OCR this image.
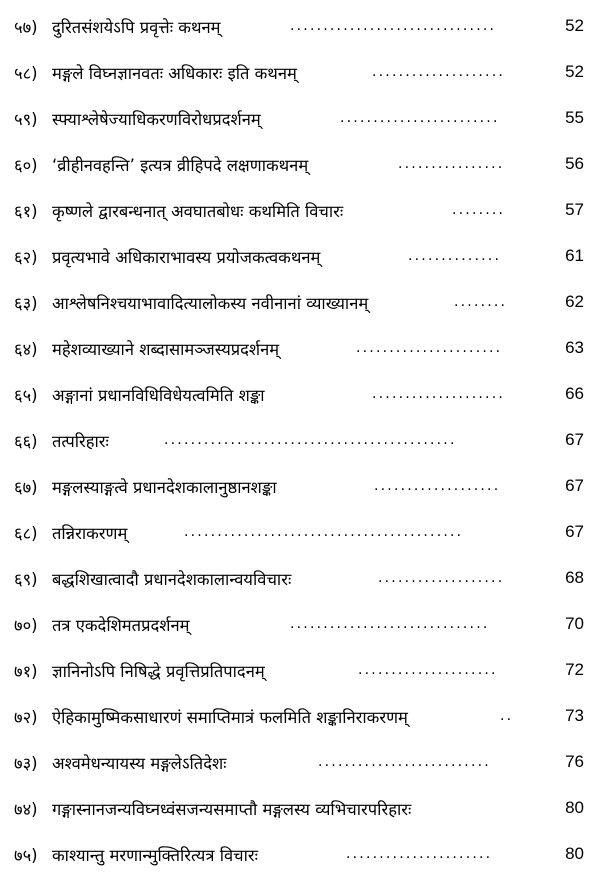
५७) दुरितसंशयेऽपि प्रवृत्तेः कथनम्	...............................	52
५८) मङ्गले विघ्नज्ञानवतः अधिकारः इति कथनम्	....................	52
५९) स्फ्याश्लेषेज्याधिकरणविरोधप्रदर्शनम्	........................	55
६०) ‘व्रीहीनवहन्ति’ इत्यत्र व्रीहिपदे लक्षणाकथनम्	................	56
६१) कृष्णले द्वारबन्धनात् अवघातबोधः कथमिति विचारः	........	57
६२) प्रवृत्यभावे अधिकाराभावस्य प्रयोजकत्वकथनम्	..............	61
६३) आश्लेषनिश्चयाभावादित्यालोकस्य नवीनानां व्याख्यानम्	........	62
६४) महेशव्याख्याने शब्दासामञ्जस्यप्रदर्शनम्	......................	63
६५) अङ्गानां प्रधानविधिविधेयत्वमिति शङ्का	....................	66
६६) तत्परिहारः	............................................	67
६७) मङ्गलस्याङ्गत्वे प्रधानदेशकालानुष्ठानशङ्का	...................	67
६८) तन्निराकरणम्	..........................................	67
६९) बद्धशिखात्वादौ प्रधानदेशकालान्वयविचारः	...................	68
७०) तत्र एकदेशिमतप्रदर्शनम्	..............................	70
७१) ज्ञानिनोऽपि निषिद्धे प्रवृत्तिप्रतिपादनम्	.....................	72
७२) ऐहिकामुष्मिकसाधारणं समाप्तिमात्रं फलमिति शङ्कानिराकरणम्	..	73
७३) अश्वमेधन्यायस्य मङ्गलेऽतिदेशः	..........................	76
७४) गङ्गास्नानजन्यविघ्नध्वंसजन्यसमाप्तौ मङ्गलस्य व्यभिचारपरिहारः	80
७५) काश्यान्तु मरणान्मुक्तिरित्यत्र विचारः	......................	80
